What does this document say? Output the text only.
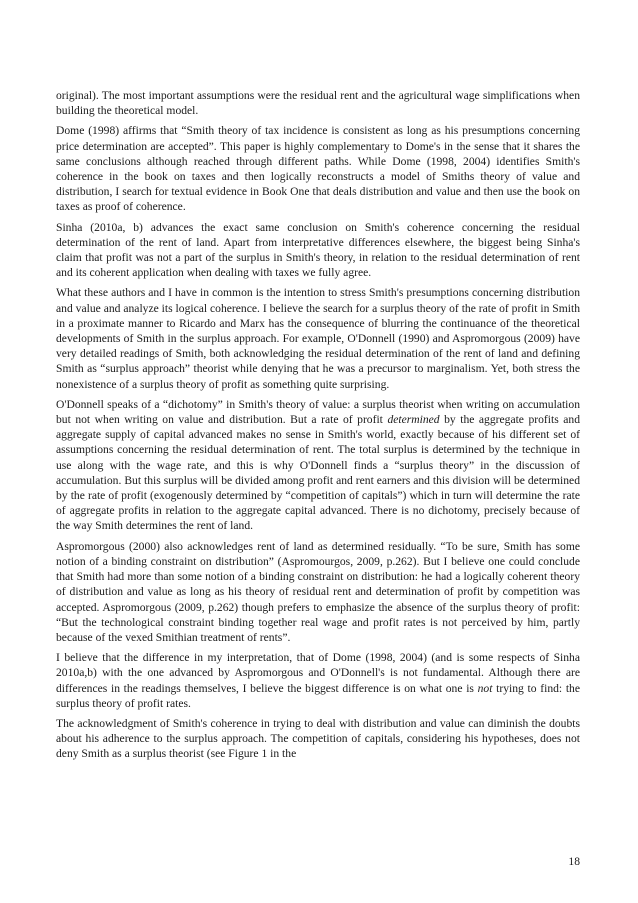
original). The most important assumptions were the residual rent and the agricultural wage simplifications when building the theoretical model.

Dome (1998) affirms that “Smith theory of tax incidence is consistent as long as his presumptions concerning price determination are accepted”. This paper is highly complementary to Dome's in the sense that it shares the same conclusions although reached through different paths. While Dome (1998, 2004) identifies Smith's coherence in the book on taxes and then logically reconstructs a model of Smiths theory of value and distribution, I search for textual evidence in Book One that deals distribution and value and then use the book on taxes as proof of coherence.

Sinha (2010a, b) advances the exact same conclusion on Smith's coherence concerning the residual determination of the rent of land. Apart from interpretative differences elsewhere, the biggest being Sinha's claim that profit was not a part of the surplus in Smith's theory, in relation to the residual determination of rent and its coherent application when dealing with taxes we fully agree.

What these authors and I have in common is the intention to stress Smith's presumptions concerning distribution and value and analyze its logical coherence. I believe the search for a surplus theory of the rate of profit in Smith in a proximate manner to Ricardo and Marx has the consequence of blurring the continuance of the theoretical developments of Smith in the surplus approach. For example, O'Donnell (1990) and Aspromorgous (2009) have very detailed readings of Smith, both acknowledging the residual determination of the rent of land and defining Smith as “surplus approach” theorist while denying that he was a precursor to marginalism. Yet, both stress the nonexistence of a surplus theory of profit as something quite surprising.

O'Donnell speaks of a “dichotomy” in Smith's theory of value: a surplus theorist when writing on accumulation but not when writing on value and distribution. But a rate of profit determined by the aggregate profits and aggregate supply of capital advanced makes no sense in Smith's world, exactly because of his different set of assumptions concerning the residual determination of rent. The total surplus is determined by the technique in use along with the wage rate, and this is why O'Donnell finds a “surplus theory” in the discussion of accumulation. But this surplus will be divided among profit and rent earners and this division will be determined by the rate of profit (exogenously determined by “competition of capitals”) which in turn will determine the rate of aggregate profits in relation to the aggregate capital advanced. There is no dichotomy, precisely because of the way Smith determines the rent of land.

Aspromorgous (2000) also acknowledges rent of land as determined residually. “To be sure, Smith has some notion of a binding constraint on distribution” (Aspromourgos, 2009, p.262). But I believe one could conclude that Smith had more than some notion of a binding constraint on distribution: he had a logically coherent theory of distribution and value as long as his theory of residual rent and determination of profit by competition was accepted. Aspromorgous (2009, p.262) though prefers to emphasize the absence of the surplus theory of profit: “But the technological constraint binding together real wage and profit rates is not perceived by him, partly because of the vexed Smithian treatment of rents”.

I believe that the difference in my interpretation, that of Dome (1998, 2004) (and is some respects of Sinha 2010a,b) with the one advanced by Aspromorgous and O'Donnell's is not fundamental. Although there are differences in the readings themselves, I believe the biggest difference is on what one is not trying to find: the surplus theory of profit rates.

The acknowledgment of Smith's coherence in trying to deal with distribution and value can diminish the doubts about his adherence to the surplus approach. The competition of capitals, considering his hypotheses, does not deny Smith as a surplus theorist (see Figure 1 in the

18
